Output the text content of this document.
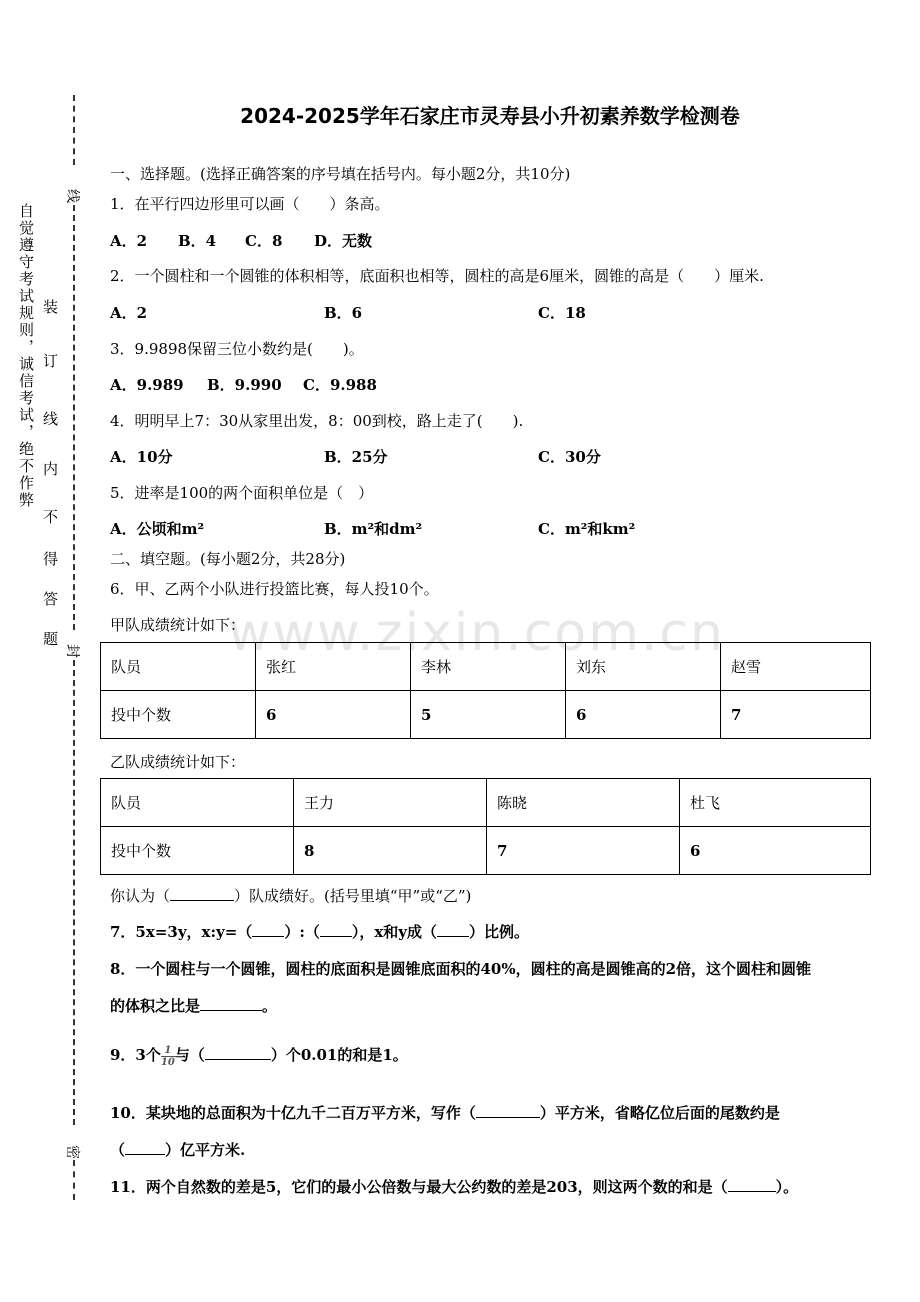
线
封
密
自觉遵守考试规则，诚信考试，绝不作弊 装
订
线
内
不
得
答
题
2024-2025学年石家庄市灵寿县小升初素养数学检测卷
www.zixin.com.cn
一、选择题。(选择正确答案的序号填在括号内。每小题2分，共10分)
1．在平行四边形里可以画（　　）条高。
A．2 B．4 C．8 D．无数
2．一个圆柱和一个圆锥的体积相等，底面积也相等，圆柱的高是6厘米，圆锥的高是（　　）厘米.
A．2	B．6	C．18
3．9.9898保留三位小数约是(　　)。
A．9.989 B．9.990 C．9.988
4．明明早上7：30从家里出发，8：00到校，路上走了(　　).
A．10分	B．25分	C．30分
5．进率是100的两个面积单位是（　）
A．公顷和m²	B．m²和dm²	C．m²和km²
二、填空题。(每小题2分，共28分)
6．甲、乙两个小队进行投篮比赛，每人投10个。
甲队成绩统计如下：
队员	张红	李林	刘东	赵雪
投中个数	6	5	6	7
乙队成绩统计如下：
队员	王力	陈晓	杜飞
投中个数	8	7	6
你认为（	）队成绩好。(括号里填“甲”或“乙”)
7．5x=3y，x:y=（ ）:（ ），x和y成（ ）比例。
8．一个圆柱与一个圆锥，圆柱的底面积是圆锥底面积的40%，圆柱的高是圆锥高的2倍，这个圆柱和圆锥
的体积之比是	。
9．3个 $\frac{1}{10}$ 与（	）个0.01的和是1。
10．某块地的总面积为十亿九千二百万平方米，写作（	）平方米，省略亿位后面的尾数约是
（	）亿平方米.
11．两个自然数的差是5，它们的最小公倍数与最大公约数的差是203，则这两个数的和是（	）。
